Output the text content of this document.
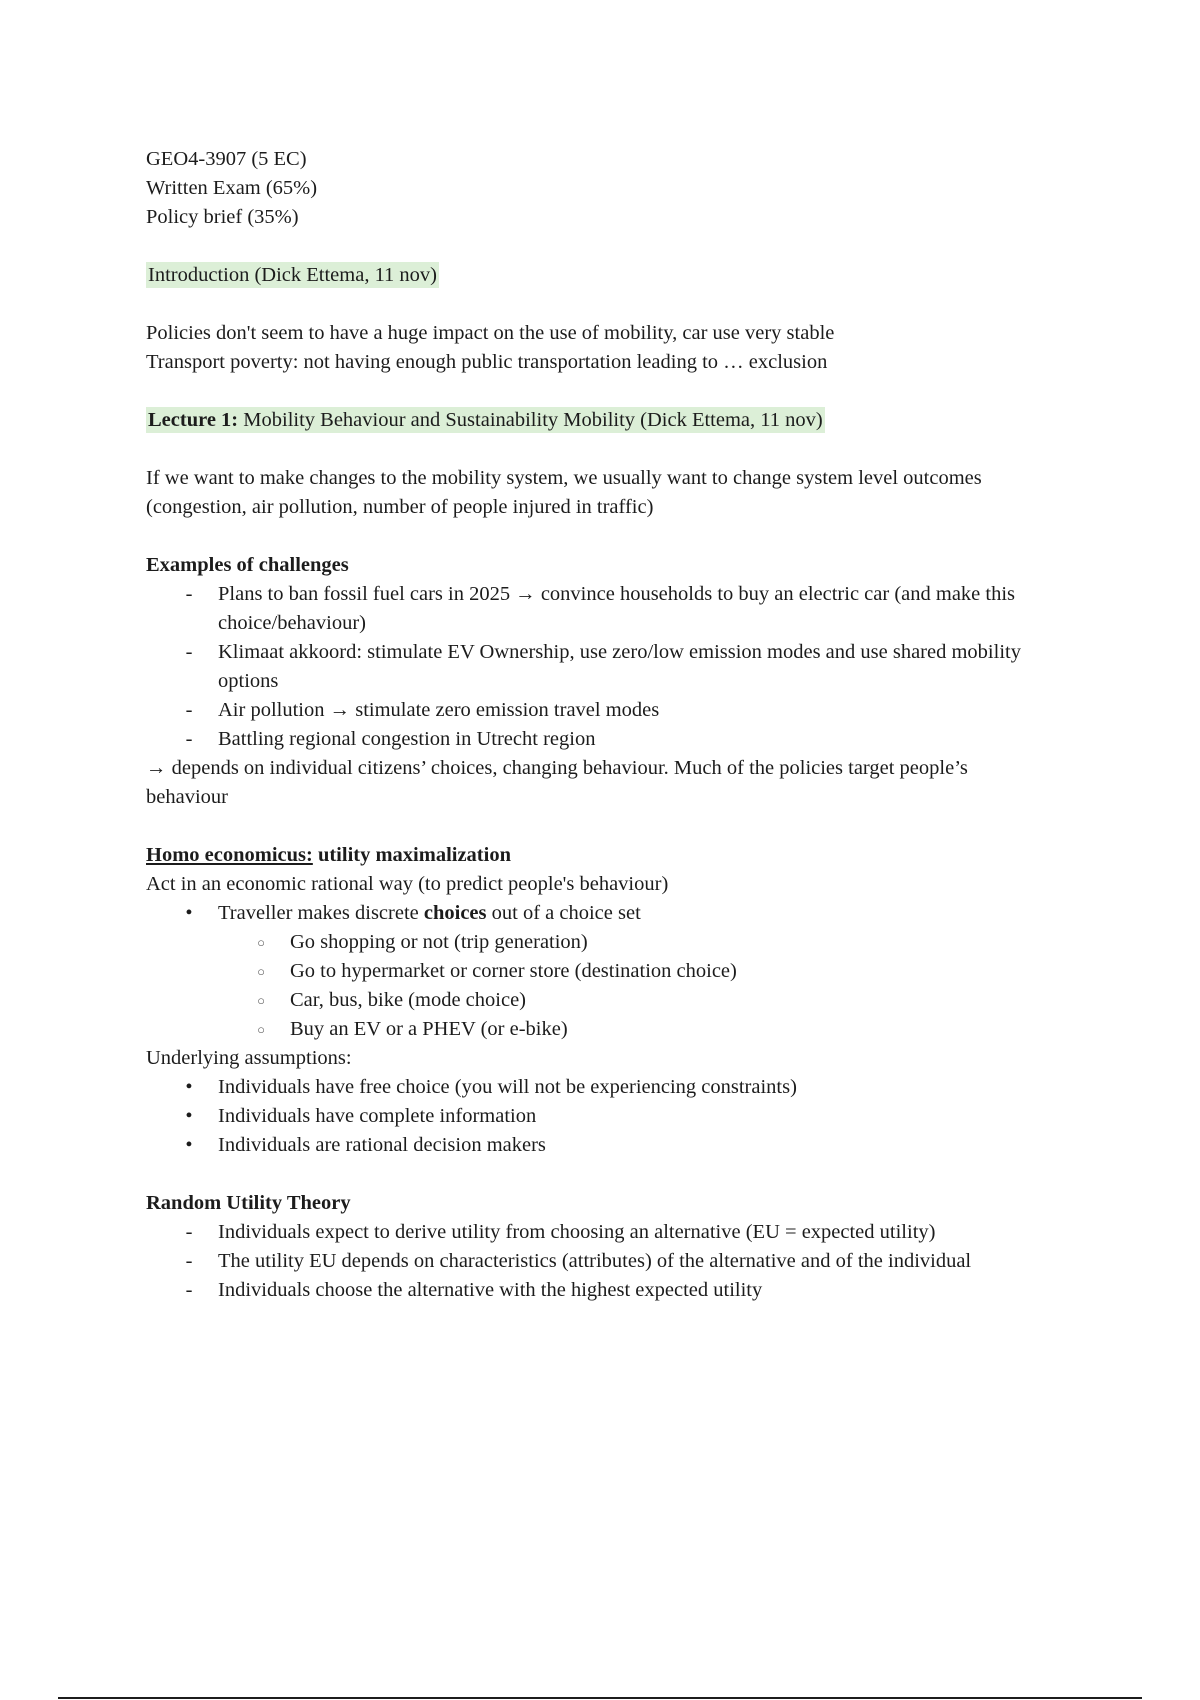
GEO4-3907 (5 EC)
Written Exam (65%)
Policy brief (35%)
Introduction (Dick Ettema, 11 nov)
Policies don't seem to have a huge impact on the use of mobility, car use very stable
Transport poverty: not having enough public transportation leading to … exclusion
Lecture 1: Mobility Behaviour and Sustainability Mobility (Dick Ettema, 11 nov)
If we want to make changes to the mobility system, we usually want to change system level outcomes (congestion, air pollution, number of people injured in traffic)
Examples of challenges
- Plans to ban fossil fuel cars in 2025 → convince households to buy an electric car (and make this choice/behaviour)
- Klimaat akkoord: stimulate EV Ownership, use zero/low emission modes and use shared mobility options
- Air pollution → stimulate zero emission travel modes
- Battling regional congestion in Utrecht region
→ depends on individual citizens’ choices, changing behaviour. Much of the policies target people’s behaviour
Homo economicus: utility maximalization
Act in an economic rational way (to predict people's behaviour)
• Traveller makes discrete choices out of a choice set
○ Go shopping or not (trip generation)
○ Go to hypermarket or corner store (destination choice)
○ Car, bus, bike (mode choice)
○ Buy an EV or a PHEV (or e-bike)
Underlying assumptions:
• Individuals have free choice (you will not be experiencing constraints)
• Individuals have complete information
• Individuals are rational decision makers
Random Utility Theory
- Individuals expect to derive utility from choosing an alternative (EU = expected utility)
- The utility EU depends on characteristics (attributes) of the alternative and of the individual
- Individuals choose the alternative with the highest expected utility
